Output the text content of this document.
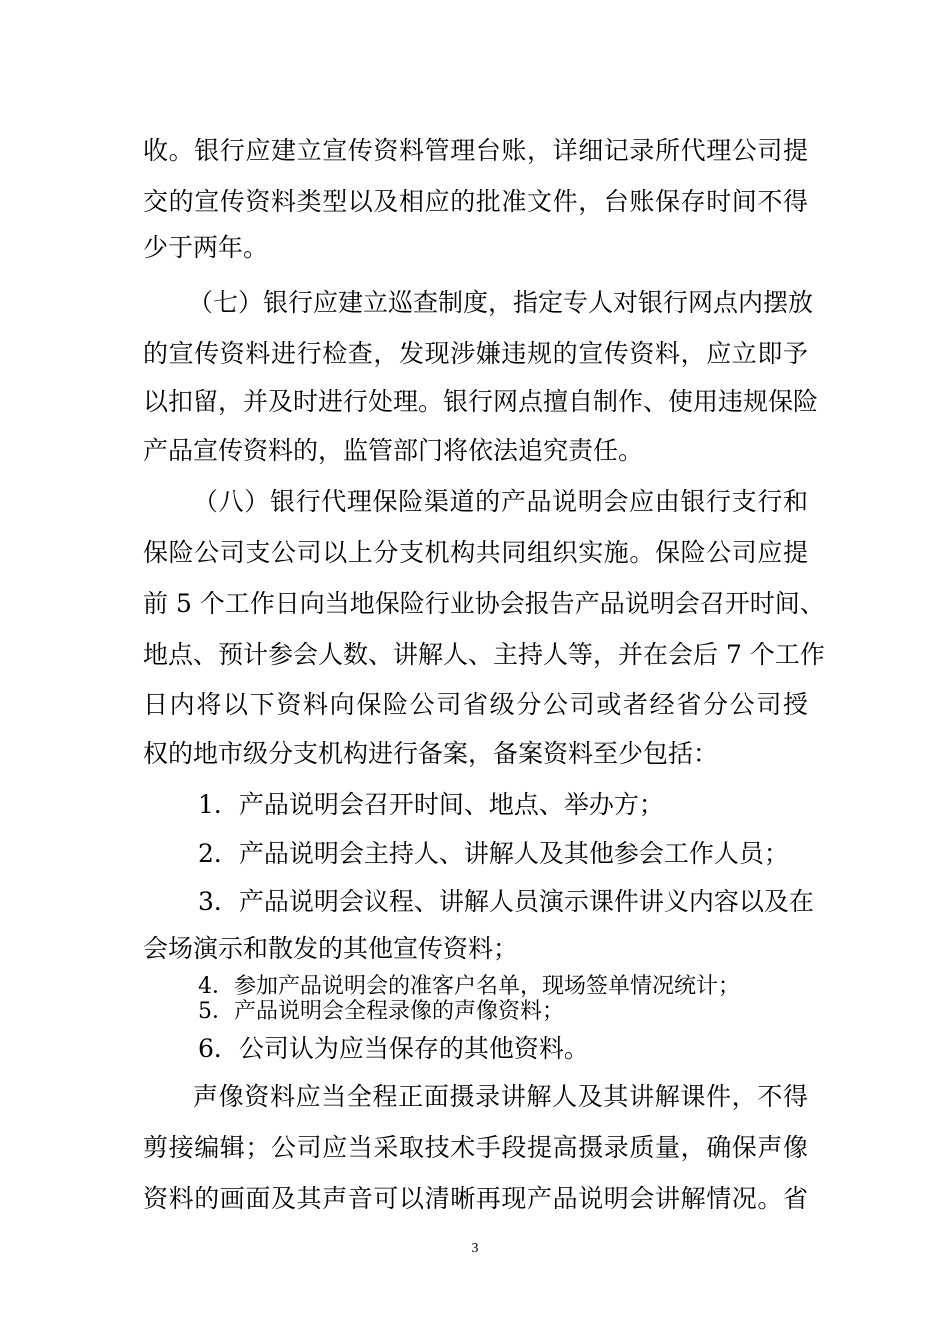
收。银行应建立宣传资料管理台账，详细记录所代理公司提
交的宣传资料类型以及相应的批准文件，台账保存时间不得
少于两年。
（七）银行应建立巡查制度，指定专人对银行网点内摆放
的宣传资料进行检查，发现涉嫌违规的宣传资料，应立即予
以扣留，并及时进行处理。银行网点擅自制作、使用违规保险
产品宣传资料的，监管部门将依法追究责任。
（八）银行代理保险渠道的产品说明会应由银行支行和
保险公司支公司以上分支机构共同组织实施。保险公司应提
前 5 个工作日向当地保险行业协会报告产品说明会召开时间、
地点、预计参会人数、讲解人、主持人等，并在会后 7 个工作
日内将以下资料向保险公司省级分公司或者经省分公司授
权的地市级分支机构进行备案，备案资料至少包括：
1．产品说明会召开时间、地点、举办方；
2．产品说明会主持人、讲解人及其他参会工作人员；
3．产品说明会议程、讲解人员演示课件讲义内容以及在
会场演示和散发的其他宣传资料；
4．参加产品说明会的准客户名单，现场签单情况统计；
5．产品说明会全程录像的声像资料；
6．公司认为应当保存的其他资料。
声像资料应当全程正面摄录讲解人及其讲解课件，不得
剪接编辑；公司应当采取技术手段提高摄录质量，确保声像
资料的画面及其声音可以清晰再现产品说明会讲解情况。省
3
